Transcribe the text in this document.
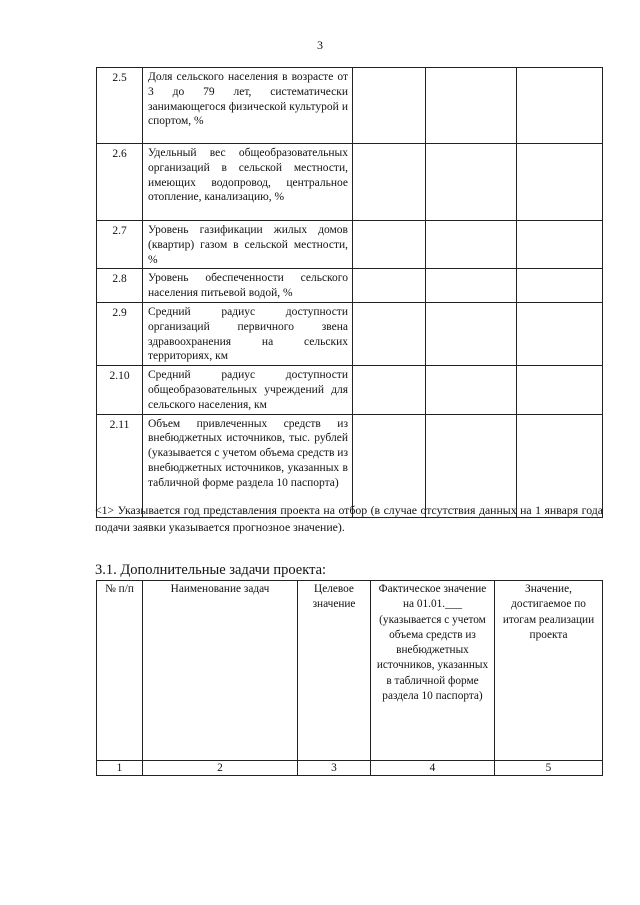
3
2.5	Доля сельского населения в возрасте от 3 до 79 лет, систематически занимающегося физической культурой и спортом, %			
2.6	Удельный вес общеобразовательных организаций в сельской местности, имеющих водопровод, центральное отопление, канализацию, %			
2.7	Уровень газификации жилых домов (квартир) газом в сельской местности, %			
2.8	Уровень обеспеченности сельского населения питьевой водой, %			
2.9	Средний радиус доступности организаций первичного звена здравоохранения на сельских территориях, км			
2.10	Средний радиус доступности общеобразовательных учреждений для сельского населения, км			
2.11	Объем привлеченных средств из внебюджетных источников, тыс. рублей (указывается с учетом объема средств из внебюджетных источников, указанных в табличной форме раздела 10 паспорта)			
<1> Указывается год представления проекта на отбор (в случае отсутствия данных на 1 января года подачи заявки указывается прогнозное значение).
3.1. Дополнительные задачи проекта:
№ п/п	Наименование задач	Целевое значение	Фактическое значение на 01.01.___ (указывается с учетом объема средств из внебюджетных источников, указанных в табличной форме раздела 10 паспорта)	Значение, достигаемое по итогам реализации проекта
1	2	3	4	5
